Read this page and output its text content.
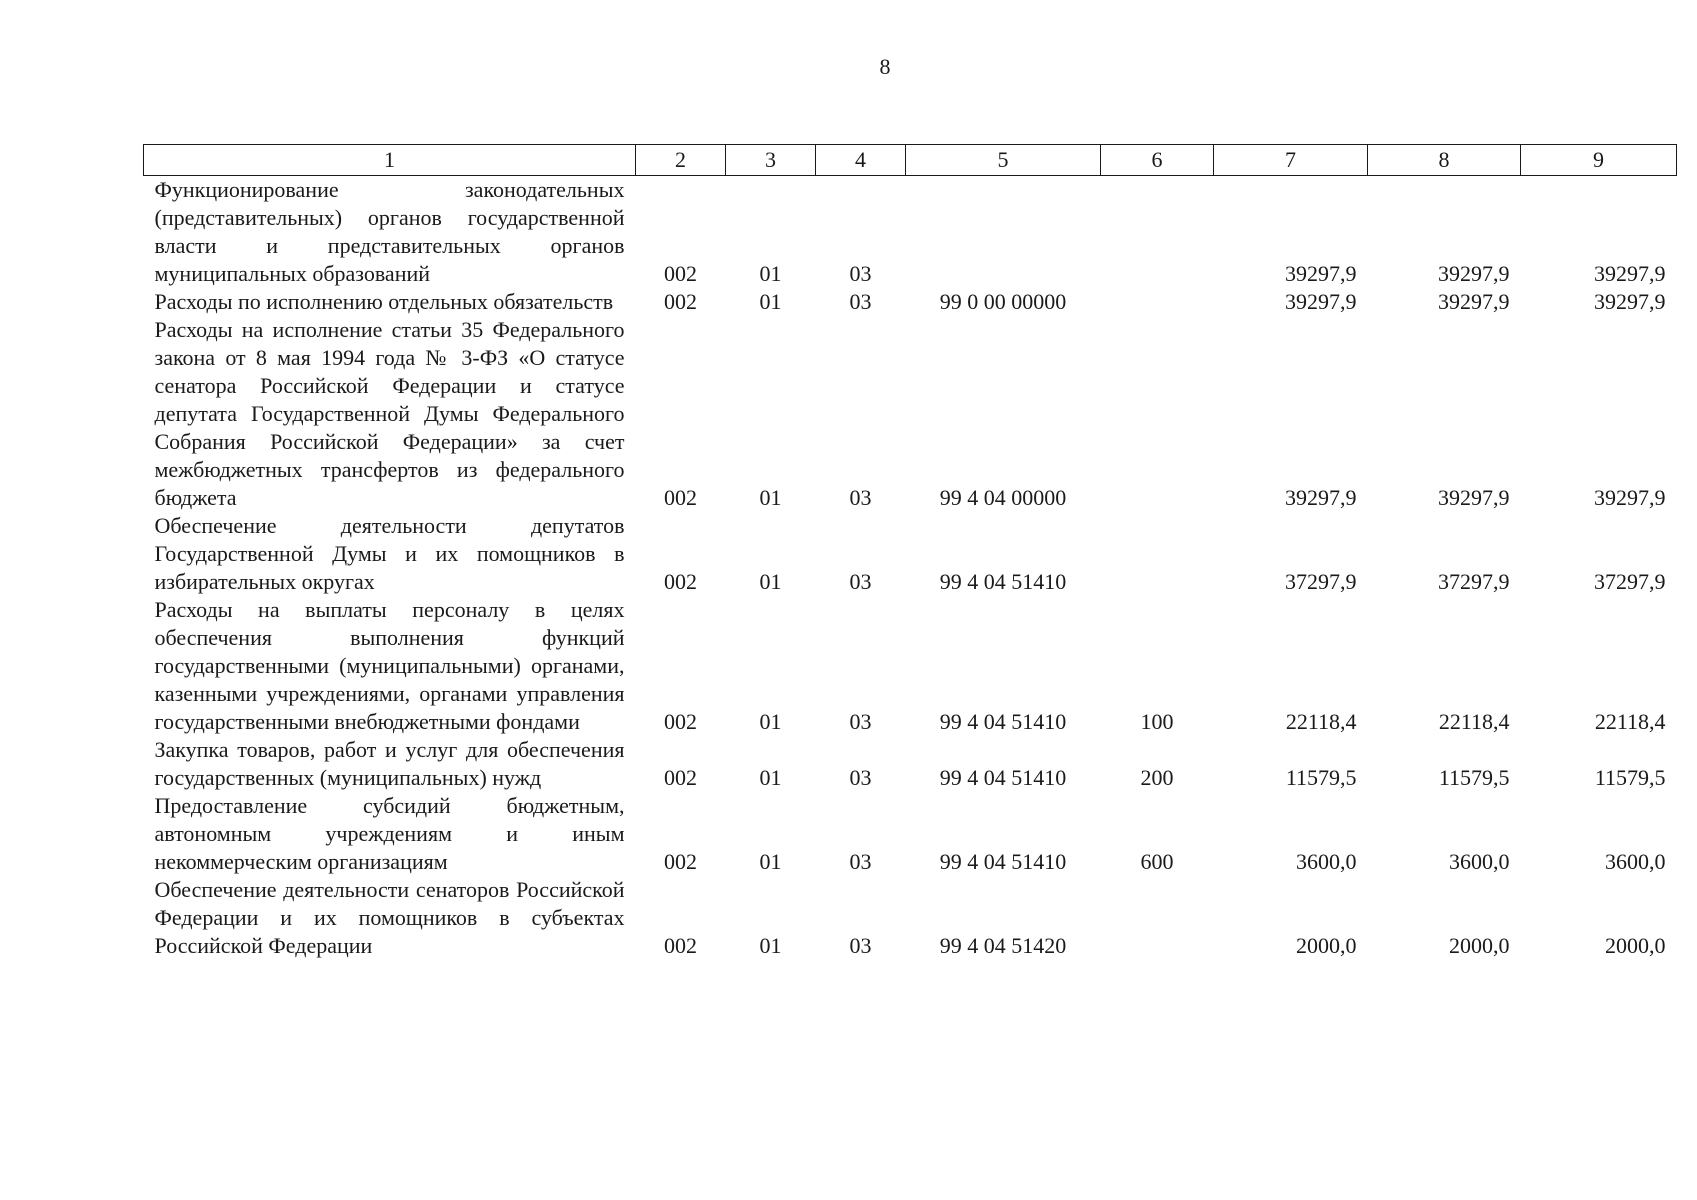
8
1	2	3	4	5	6	7	8	9
Функционирование законодательных (представительных) органов государственной власти и представительных органов муниципальных образований	002	01	03			39297,9	39297,9	39297,9
Расходы по исполнению отдельных обязательств	002	01	03	99 0 00 00000		39297,9	39297,9	39297,9
Расходы на исполнение статьи 35 Федерального закона от 8 мая 1994 года № 3-ФЗ «О статусе сенатора Российской Федерации и статусе депутата Государственной Думы Федерального Собрания Российской Федерации» за счет межбюджетных трансфертов из федерального бюджета	002	01	03	99 4 04 00000		39297,9	39297,9	39297,9
Обеспечение деятельности депутатов Государственной Думы и их помощников в избирательных округах	002	01	03	99 4 04 51410		37297,9	37297,9	37297,9
Расходы на выплаты персоналу в целях обеспечения выполнения функций государственными (муниципальными) органами, казенными учреждениями, органами управления государственными внебюджетными фондами	002	01	03	99 4 04 51410	100	22118,4	22118,4	22118,4
Закупка товаров, работ и услуг для обеспечения государственных (муниципальных) нужд	002	01	03	99 4 04 51410	200	11579,5	11579,5	11579,5
Предоставление субсидий бюджетным, автономным учреждениям и иным некоммерческим организациям	002	01	03	99 4 04 51410	600	3600,0	3600,0	3600,0
Обеспечение деятельности сенаторов Российской Федерации и их помощников в субъектах Российской Федерации	002	01	03	99 4 04 51420		2000,0	2000,0	2000,0
